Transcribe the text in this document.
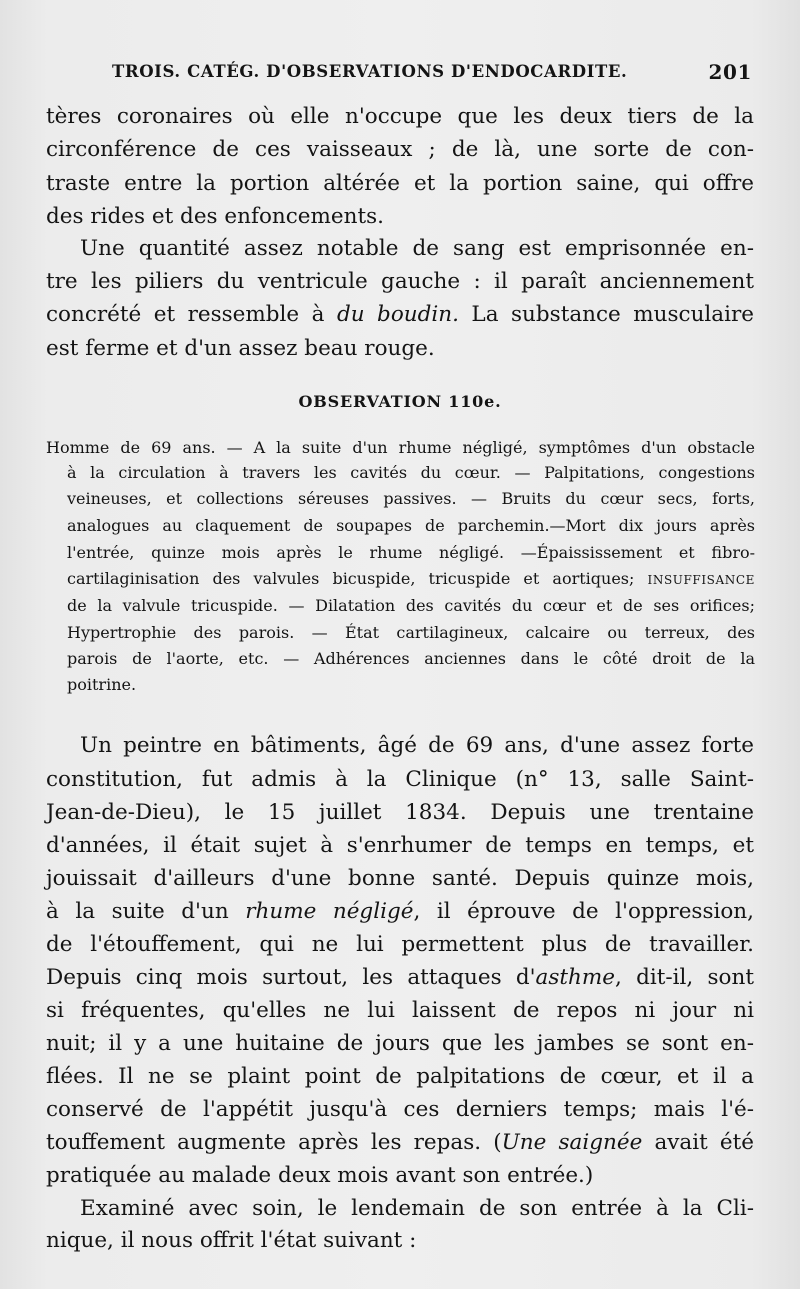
TROIS. CATÉG. D'OBSERVATIONS D'ENDOCARDITE.	201
tères coronaires où elle n'occupe que les deux tiers de la
circonférence de ces vaisseaux ; de là, une sorte de con-
traste entre la portion altérée et la portion saine, qui offre
des rides et des enfoncements.
Une quantité assez notable de sang est emprisonnée en-
tre les piliers du ventricule gauche : il paraît anciennement
concrété et ressemble à du boudin. La substance musculaire
est ferme et d'un assez beau rouge.
OBSERVATION 110e.
Homme de 69 ans. — A la suite d'un rhume négligé, symptômes d'un obstacle
à la circulation à travers les cavités du cœur. — Palpitations, congestions
veineuses, et collections séreuses passives. — Bruits du cœur secs, forts,
analogues au claquement de soupapes de parchemin.—Mort dix jours après
l'entrée, quinze mois après le rhume négligé. —Épaississement et fibro-
cartilaginisation des valvules bicuspide, tricuspide et aortiques; INSUFFISANCE
de la valvule tricuspide. — Dilatation des cavités du cœur et de ses orifices;
Hypertrophie des parois. — État cartilagineux, calcaire ou terreux, des
parois de l'aorte, etc. — Adhérences anciennes dans le côté droit de la
poitrine.
Un peintre en bâtiments, âgé de 69 ans, d'une assez forte
constitution, fut admis à la Clinique (n° 13, salle Saint-
Jean-de-Dieu), le 15 juillet 1834. Depuis une trentaine
d'années, il était sujet à s'enrhumer de temps en temps, et
jouissait d'ailleurs d'une bonne santé. Depuis quinze mois,
à la suite d'un rhume négligé, il éprouve de l'oppression,
de l'étouffement, qui ne lui permettent plus de travailler.
Depuis cinq mois surtout, les attaques d'asthme, dit-il, sont
si fréquentes, qu'elles ne lui laissent de repos ni jour ni
nuit; il y a une huitaine de jours que les jambes se sont en-
flées. Il ne se plaint point de palpitations de cœur, et il a
conservé de l'appétit jusqu'à ces derniers temps; mais l'é-
touffement augmente après les repas. (Une saignée avait été
pratiquée au malade deux mois avant son entrée.)
Examiné avec soin, le lendemain de son entrée à la Cli-
nique, il nous offrit l'état suivant :
